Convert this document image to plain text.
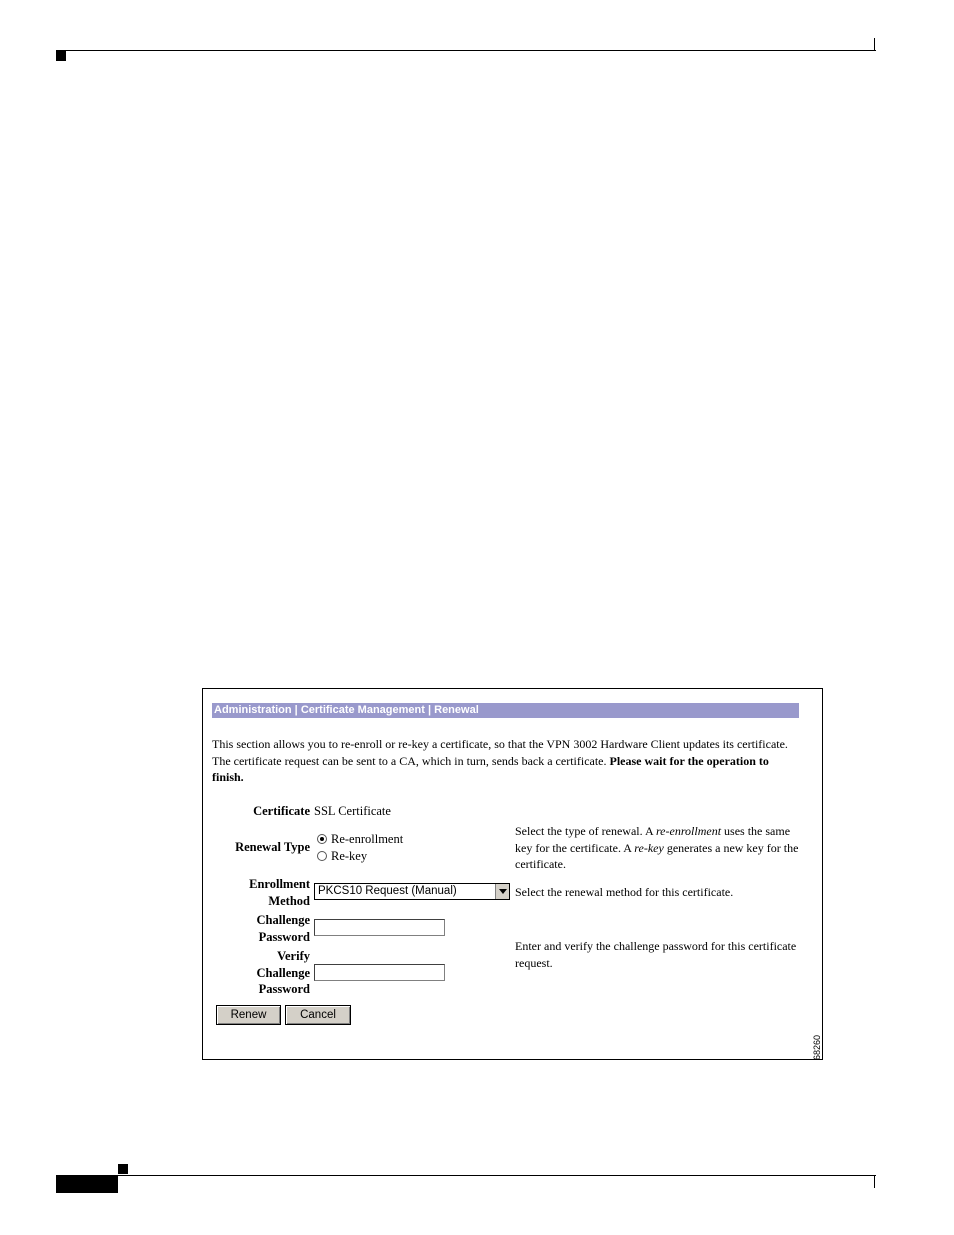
Administration | Certificate Management | Renewal
This section allows you to re-enroll or re-key a certificate, so that the VPN 3002 Hardware Client updates its certificate. The certificate request can be sent to a CA, which in turn, sends back a certificate. Please wait for the operation to finish.
Certificate SSL Certificate
Renewal Type
Re-enrollment
Re-key
Select the type of renewal. A re-enrollment uses the same key for the certificate. A re-key generates a new key for the certificate.
Enrollment
Method
PKCS10 Request (Manual)	Select the renewal method for this certificate.
Challenge
Password
Verify
Challenge
Password
Enter and verify the challenge password for this certificate request.
Renew	Cancel
68260
